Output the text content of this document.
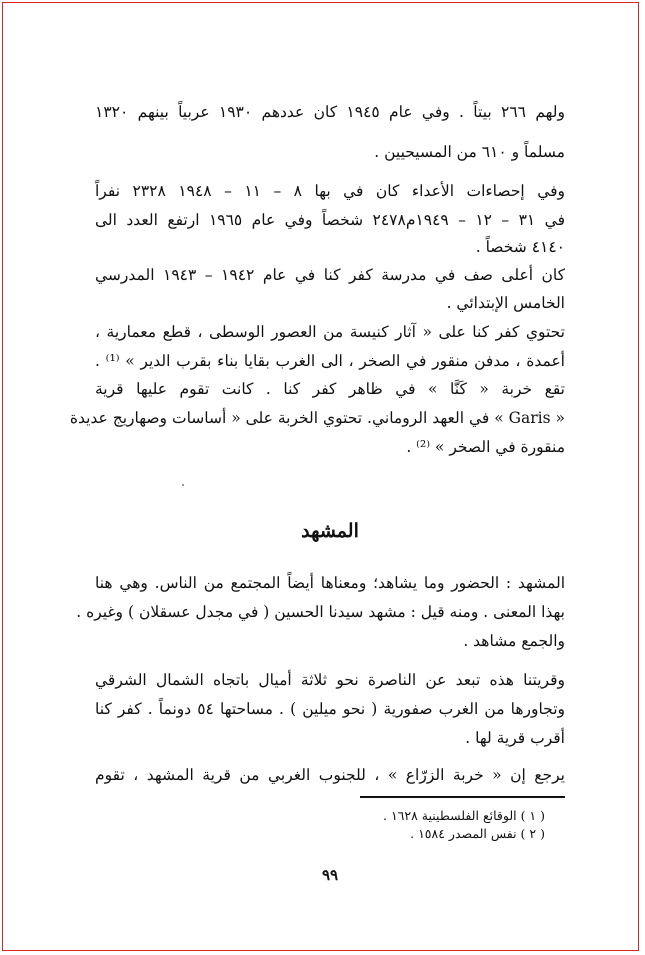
ولهم ٢٦٦ بيتاً . وفي عام ١٩٤٥ كان عددهم ١٩٣٠ عربياً بينهم ١٣٢٠
مسلماً و ٦١٠ من المسيحيين .
وفي إحصاءات الأعداء كان في بها ٨ – ١١ – ١٩٤٨ ٢٣٢٨ نفراً
في ٣١ – ١٢ – ١٩٤٩م٢٤٧٨ شخصاً وفي عام ١٩٦٥ ارتفع العدد الى
٤١٤٠ شخصاً .
كان أعلى صف في مدرسة كفر كنا في عام ١٩٤٢ – ١٩٤٣ المدرسي
الخامس الإبتدائي .
تحتوي كفر كنا على « آثار كنيسة من العصور الوسطى ، قطع معمارية ،
أعمدة ، مدفن منقور في الصخر ، الى الغرب بقايا بناء بقرب الدير » ⁽¹⁾ .
تقع خربة « كَنَّا » في ظاهر كفر كنا . كانت تقوم عليها قرية
« Garis » في العهد الروماني. تحتوي الخربة على « أساسات وصهاريج عديدة
منقورة في الصخر » ⁽²⁾ .
المشهد
المشهد : الحضور وما يشاهد؛ ومعناها أيضاً المجتمع من الناس. وهي هنا
بهذا المعنى . ومنه قيل : مشهد سيدنا الحسين ( في مجدل عسقلان ) وغيره .
والجمع مشاهد .
وقريتنا هذه تبعد عن الناصرة نحو ثلاثة أميال باتجاه الشمال الشرقي
وتجاورها من الغرب صفورية ( نحو ميلين ) . مساحتها ٥٤ دونماً . كفر كنا
أقرب قرية لها .
يرجع إن « خربة الزرّاع » ، للجنوب الغربي من قرية المشهد ، تقوم
( ١ ) الوقائع الفلسطينية ١٦٢٨ .
( ٢ ) نفس المصدر ١٥٨٤ .
٩٩
